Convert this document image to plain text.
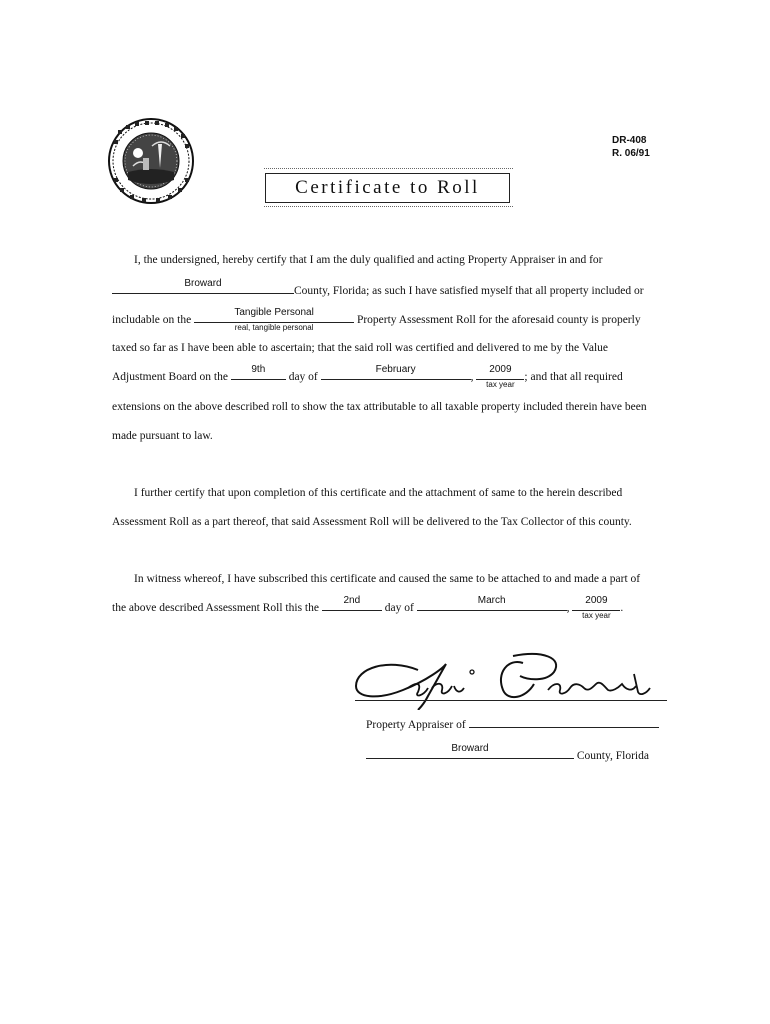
DR-408
R. 06/91
Certificate to Roll
I, the undersigned, hereby certify that I am the duly qualified and acting Property Appraiser in and for
Broward
County, Florida; as such I have satisfied myself that all property included or
includable on the
Tangible Personal
real, tangible personal
Property Assessment Roll for the aforesaid county is properly
taxed so far as I have been able to ascertain; that the said roll was certified and delivered to me by the Value
Adjustment Board on the
9th
day of
February
,
2009
tax year
; and that all required
extensions on the above described roll to show the tax attributable to all taxable property included therein have been
made pursuant to law.
I further certify that upon completion of this certificate and the attachment of same to the herein described
Assessment Roll as a part thereof, that said Assessment Roll will be delivered to the Tax Collector of this county.
In witness whereof, I have subscribed this certificate and caused the same to be attached to and made a part of
the above described Assessment Roll this the
2nd
day of
March
,
2009
tax year
.
Property Appraiser of
Broward
County, Florida
